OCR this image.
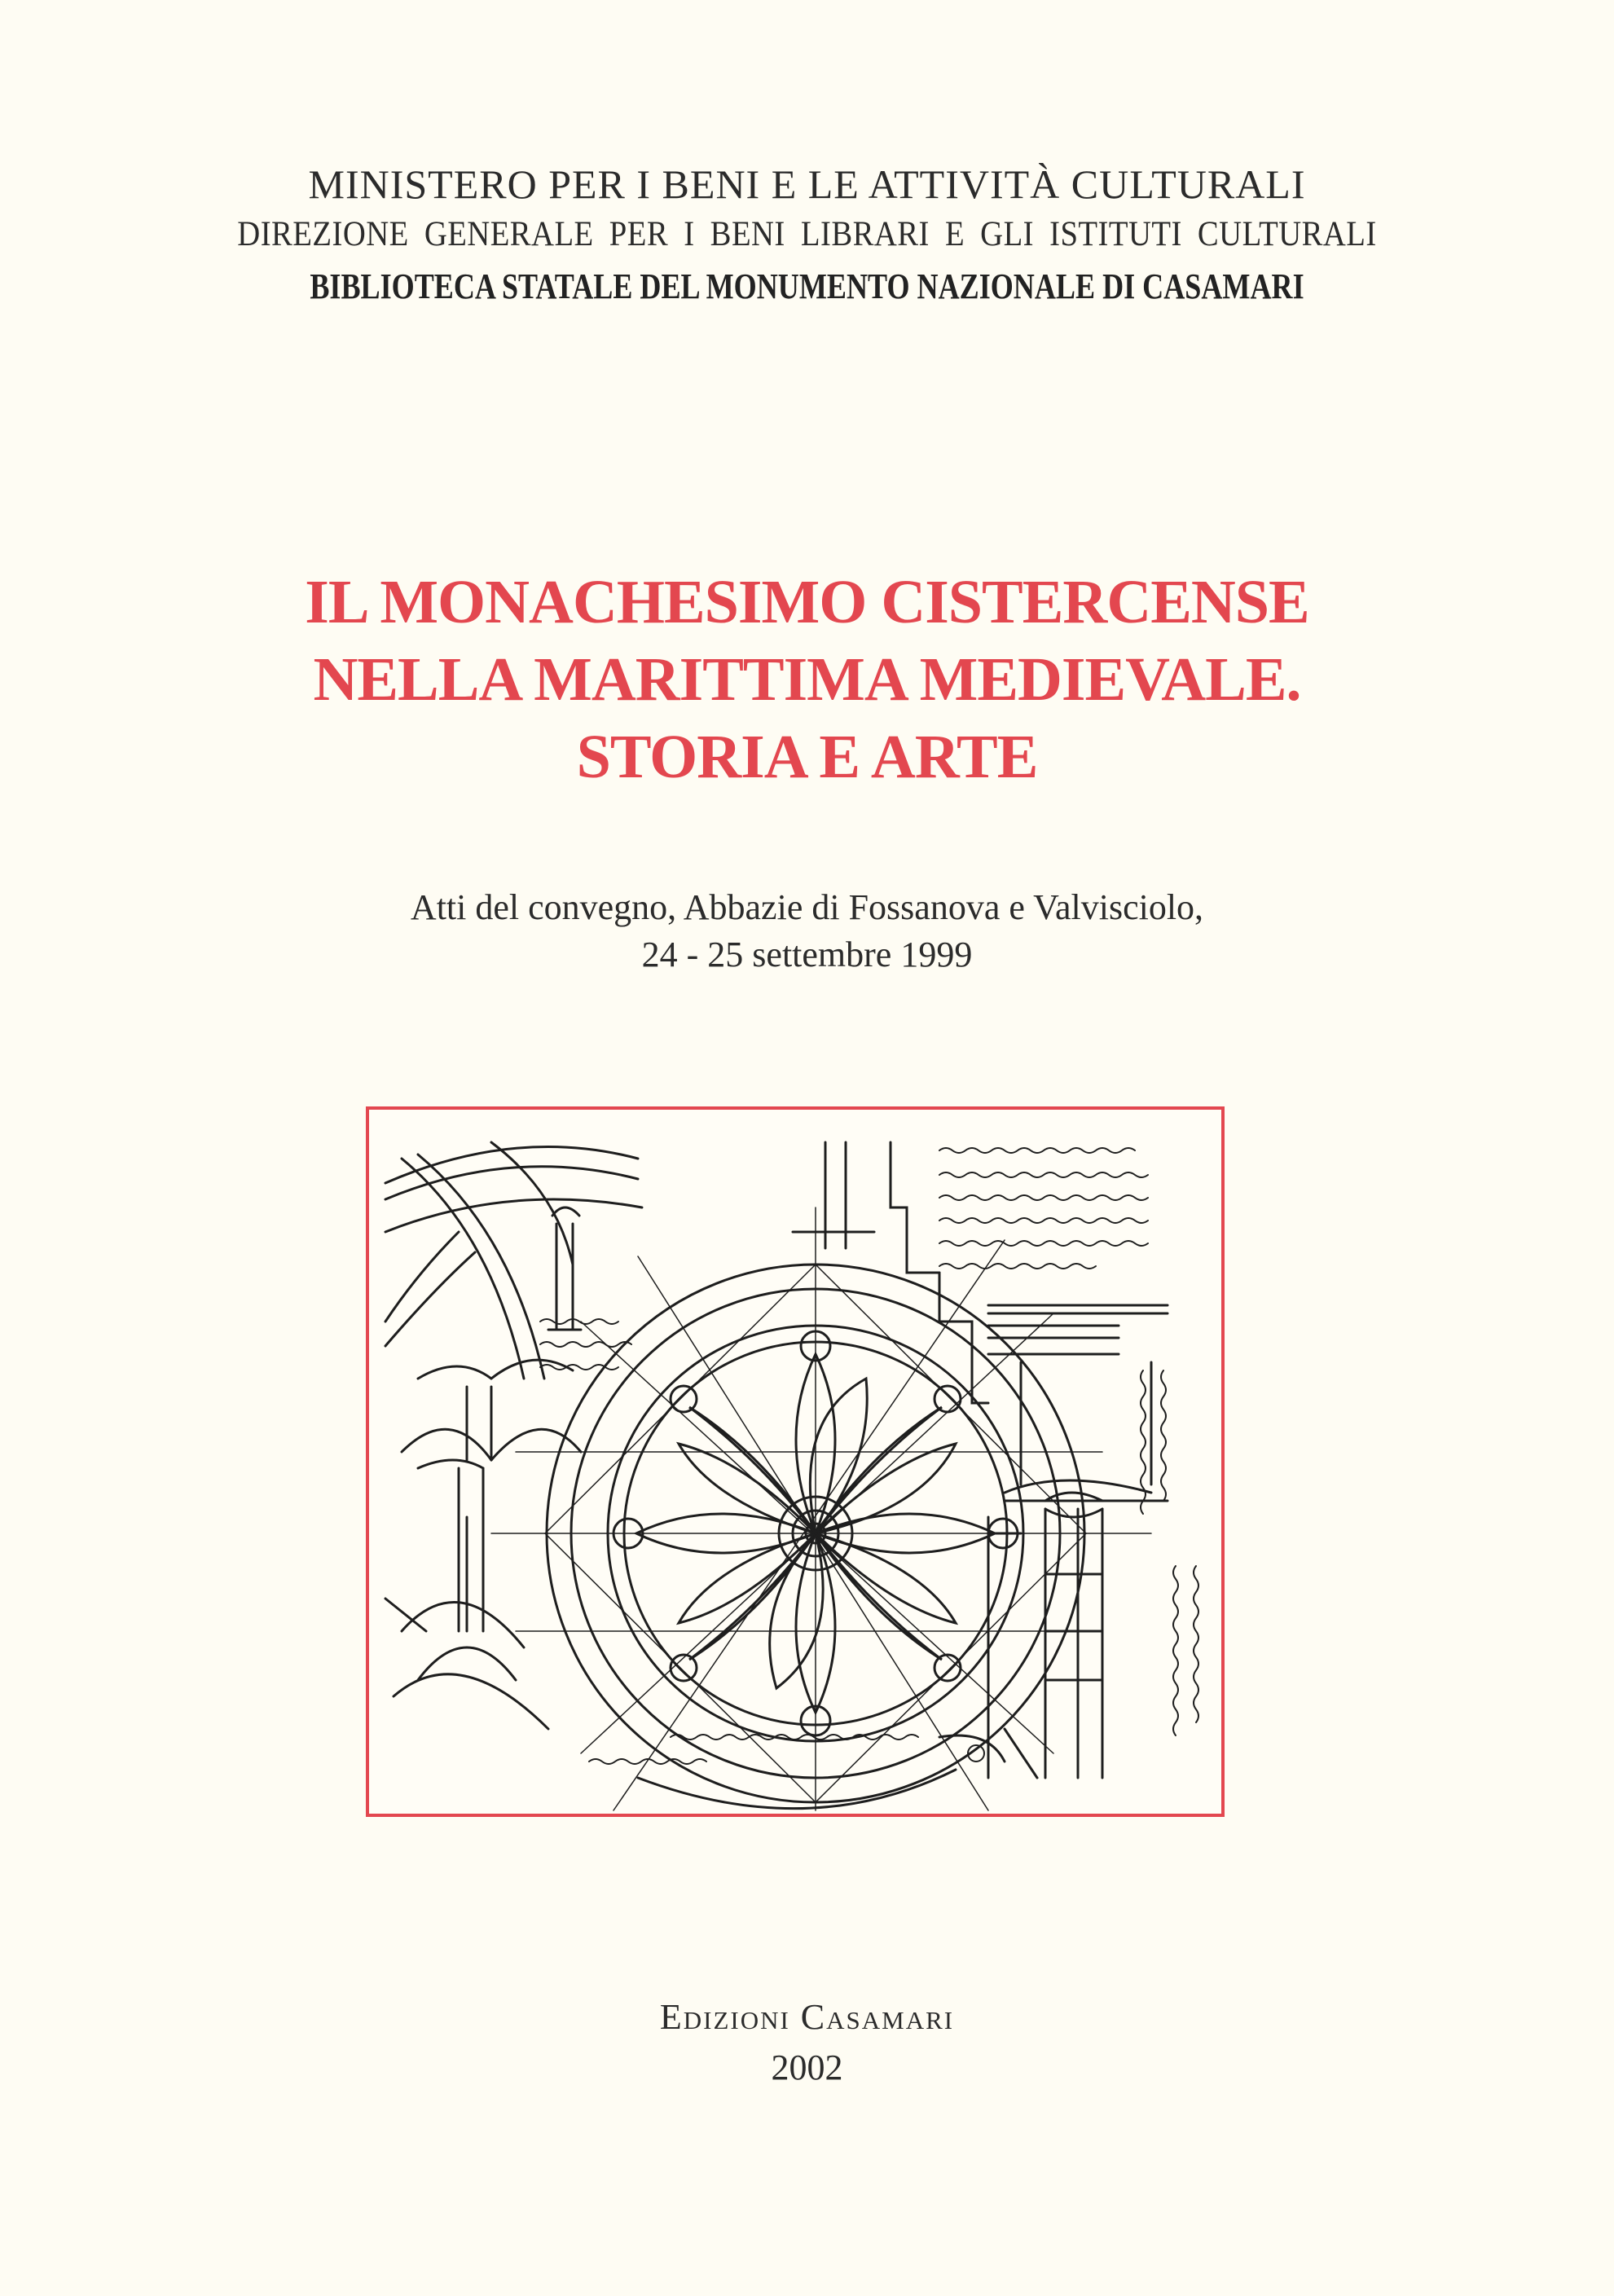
MINISTERO PER I BENI E LE ATTIVITÀ CULTURALI
DIREZIONE GENERALE PER I BENI LIBRARI E GLI ISTITUTI CULTURALI
BIBLIOTECA STATALE DEL MONUMENTO NAZIONALE DI CASAMARI
IL MONACHESIMO CISTERCENSE
NELLA MARITTIMA MEDIEVALE.
STORIA E ARTE
Atti del convegno, Abbazie di Fossanova e Valvisciolo,
24 - 25 settembre 1999
Edizioni Casamari
2002
